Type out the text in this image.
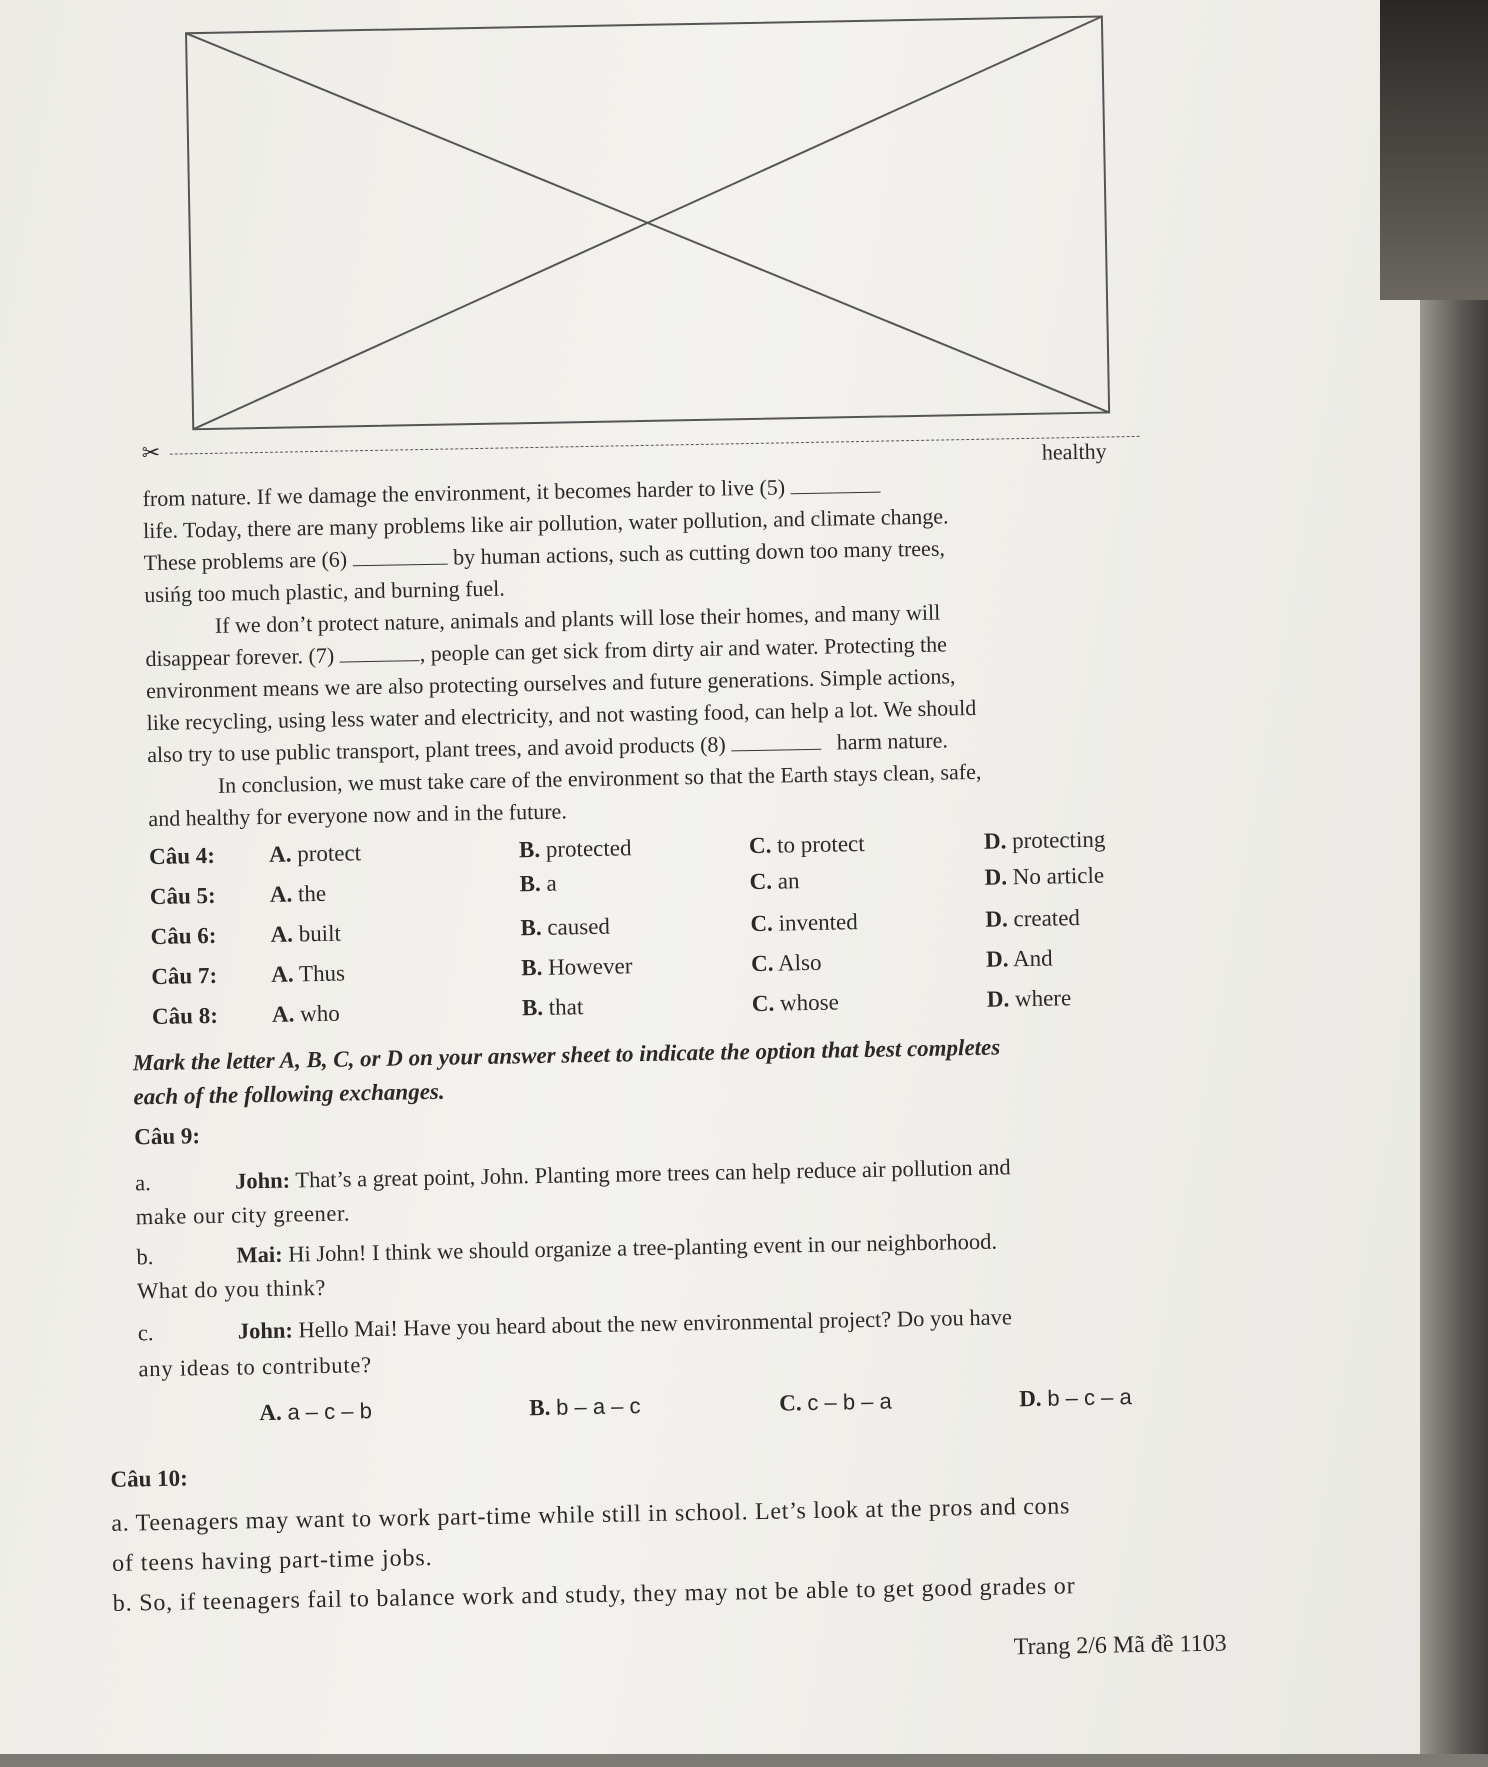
✂	healthy
from nature. If we damage the environment, it becomes harder to live (5)
life. Today, there are many problems like air pollution, water pollution, and climate change.
These problems are (6)	by human actions, such as cutting down too many trees,
usińg too much plastic, and burning fuel.
If we don’t protect nature, animals and plants will lose their homes, and many will
disappear forever. (7)	, people can get sick from dirty air and water. Protecting the
environment means we are also protecting ourselves and future generations. Simple actions,
like recycling, using less water and electricity, and not wasting food, can help a lot. We should
also try to use public transport, plant trees, and avoid products (8)	harm nature.
In conclusion, we must take care of the environment so that the Earth stays clean, safe,
and healthy for everyone now and in the future.
Câu 4: A. protect	B. protected	C. to protect	D. protecting
Câu 5: A. the	B. a	C. an	D. No article
Câu 6: A. built	B. caused	C. invented	D. created
Câu 7: A. Thus	B. However	C. Also	D. And
Câu 8: A. who	B. that	C. whose	D. where
Mark the letter A, B, C, or D on your answer sheet to indicate the option that best completes
each of the following exchanges.
Câu 9:
a.	John: That’s a great point, John. Planting more trees can help reduce air pollution and
make our city greener.
b.	Mai: Hi John! I think we should organize a tree-planting event in our neighborhood.
What do you think?
c.	John: Hello Mai! Have you heard about the new environmental project? Do you have
any ideas to contribute?
A. a – c – b	B. b – a – c	C. c – b – a	D. b – c – a
Câu 10:
a. Teenagers may want to work part-time while still in school. Let’s look at the pros and cons
of teens having part-time jobs.
b. So, if teenagers fail to balance work and study, they may not be able to get good grades or
Trang 2/6 Mã đề 1103
